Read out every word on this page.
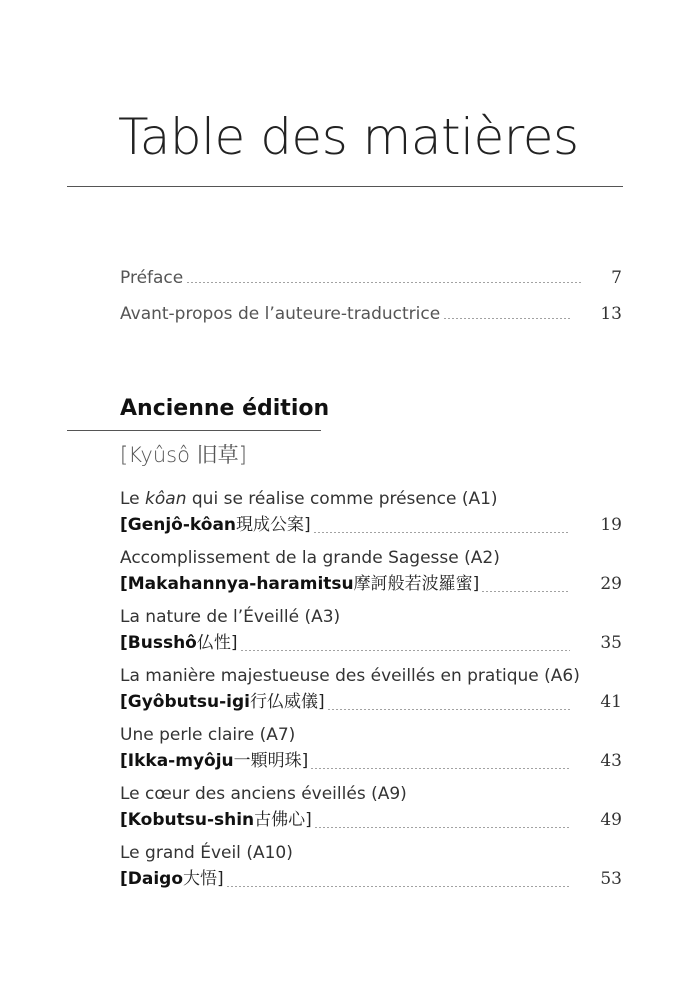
Table des matières
Préface	7
Avant-propos de l’auteure-traductrice	13
Ancienne édition
[Kyûsô 旧草]
Le kôan qui se réalise comme présence (A1)
[Genjô-kôan 現成公案]	19
Accomplissement de la grande Sagesse (A2)
[Makahannya-haramitsu 摩訶般若波羅蜜]	29
La nature de l’Éveillé (A3)
[Busshô 仏性]	35
La manière majestueuse des éveillés en pratique (A6)
[Gyôbutsu-igi 行仏威儀]	41
Une perle claire (A7)
[Ikka-myôju 一顆明珠]	43
Le cœur des anciens éveillés (A9)
[Kobutsu-shin 古佛心]	49
Le grand Éveil (A10)
[Daigo 大悟]	53
